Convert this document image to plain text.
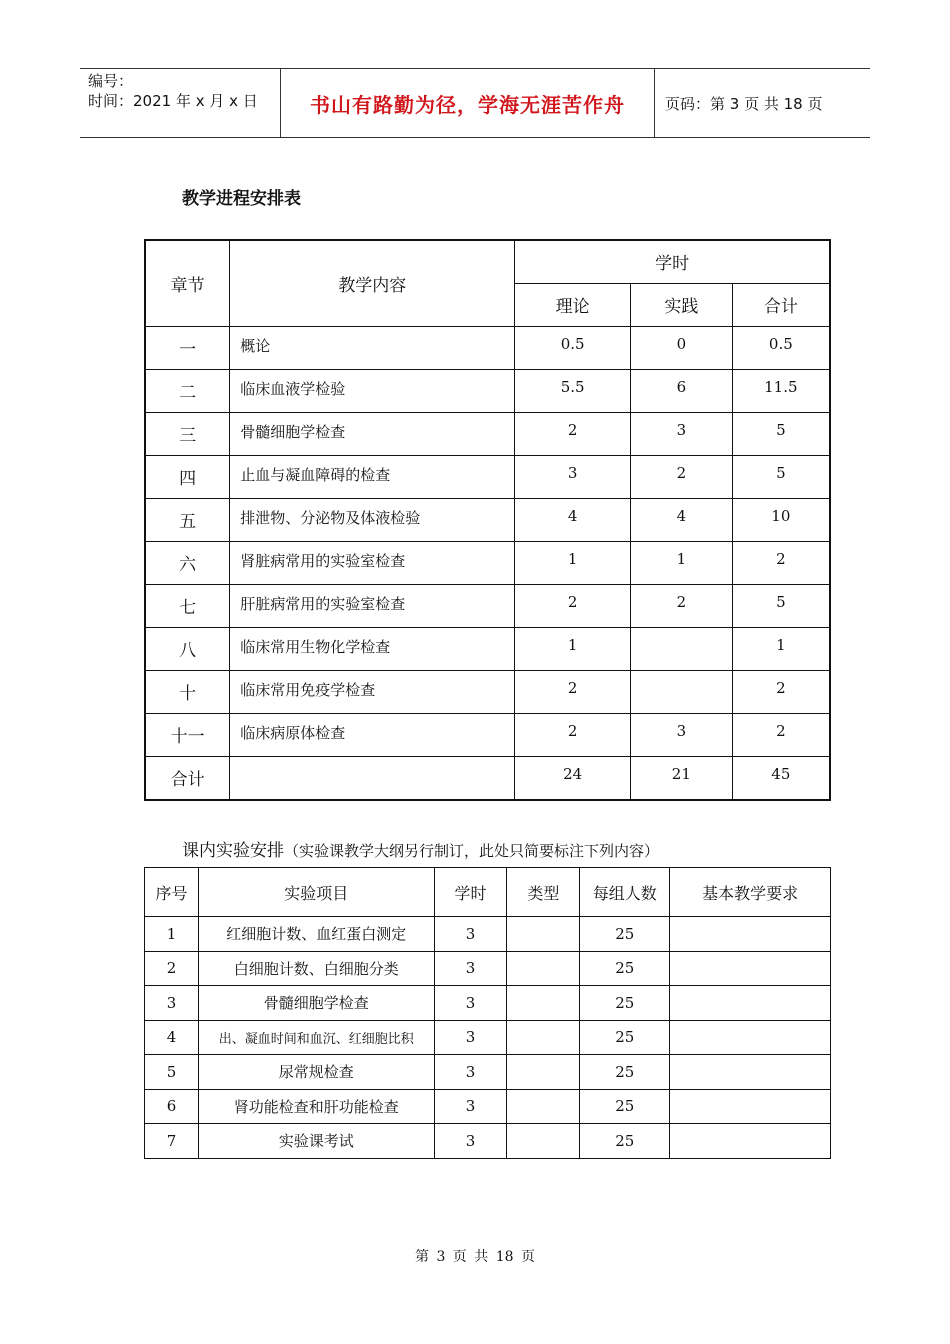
编号：
时间：2021 年 x 月 x 日	书山有路勤为径，学海无涯苦作舟	页码：第 3 页 共 18 页
教学进程安排表
章节	教学内容	学时		
		理论	实践	合计
一	概论	0.5	0	0.5
二	临床血液学检验	5.5	6	11.5
三	骨髓细胞学检查	2	3	5
四	止血与凝血障碍的检查	3	2	5
五	排泄物、分泌物及体液检验	4	4	10
六	肾脏病常用的实验室检查	1	1	2
七	肝脏病常用的实验室检查	2	2	5
八	临床常用生物化学检查	1		1
十	临床常用免疫学检查	2		2
十一	临床病原体检查	2	3	2
合计		24	21	45
课内实验安排（实验课教学大纲另行制订，此处只简要标注下列内容）
序号	实验项目	学时	类型	每组人数	基本教学要求
1	红细胞计数、血红蛋白测定	3		25	
2	白细胞计数、白细胞分类	3		25	
3	骨髓细胞学检查	3		25	
4	出、凝血时间和血沉、红细胞比积	3		25	
5	尿常规检查	3		25	
6	肾功能检查和肝功能检查	3		25	
7	实验课考试	3		25	
第 3 页 共 18 页
